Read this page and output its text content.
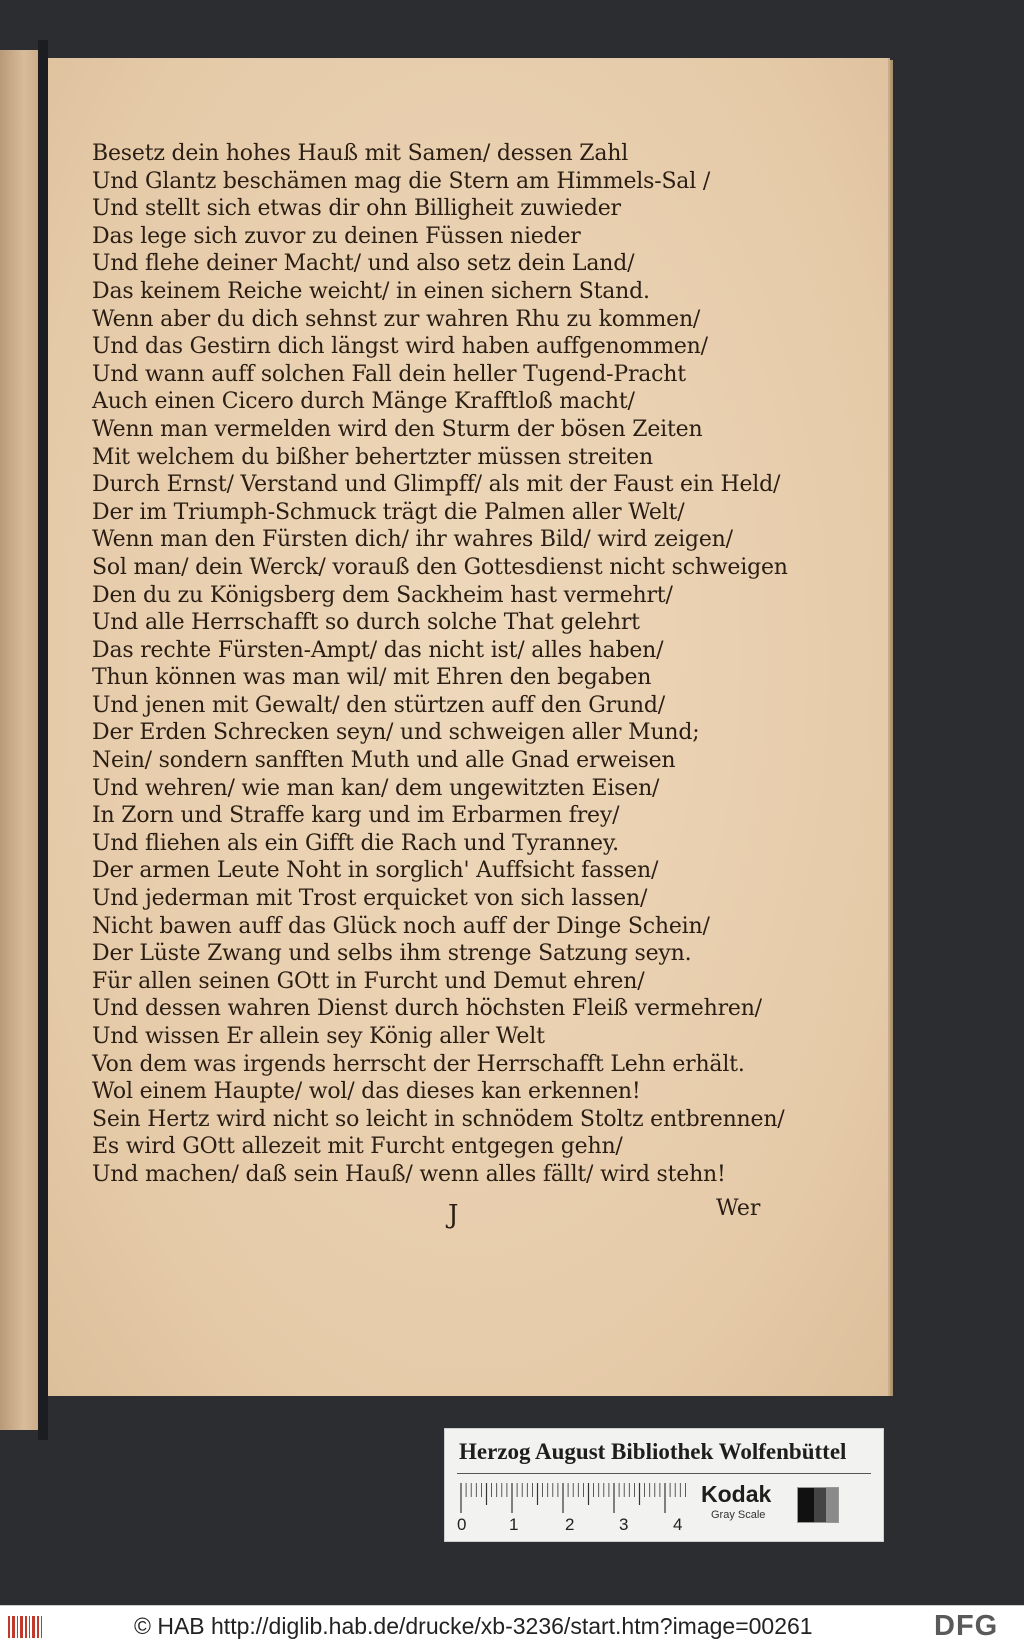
Besetz dein hohes Hauß mit Samen/ dessen Zahl
Und Glantz beschämen mag die Stern am Himmels-Sal /
Und stellt sich etwas dir ohn Billigheit zuwieder
Das lege sich zuvor zu deinen Füssen nieder
Und flehe deiner Macht/ und also setz dein Land/
Das keinem Reiche weicht/ in einen sichern Stand.
Wenn aber du dich sehnst zur wahren Rhu zu kommen/
Und das Gestirn dich längst wird haben auffgenommen/
Und wann auff solchen Fall dein heller Tugend-Pracht
Auch einen Cicero durch Mänge Krafftloß macht/
Wenn man vermelden wird den Sturm der bösen Zeiten
Mit welchem du bißher behertzter müssen streiten
Durch Ernst/ Verstand und Glimpff/ als mit der Faust ein Held/
Der im Triumph-Schmuck trägt die Palmen aller Welt/
Wenn man den Fürsten dich/ ihr wahres Bild/ wird zeigen/
Sol man/ dein Werck/ vorauß den Gottesdienst nicht schweigen
Den du zu Königsberg dem Sackheim hast vermehrt/
Und alle Herrschafft so durch solche That gelehrt
Das rechte Fürsten-Ampt/ das nicht ist/ alles haben/
Thun können was man wil/ mit Ehren den begaben
Und jenen mit Gewalt/ den stürtzen auff den Grund/
Der Erden Schrecken seyn/ und schweigen aller Mund;
Nein/ sondern sanfften Muth und alle Gnad erweisen
Und wehren/ wie man kan/ dem ungewitzten Eisen/
In Zorn und Straffe karg und im Erbarmen frey/
Und fliehen als ein Gifft die Rach und Tyranney.
Der armen Leute Noht in sorglich' Auffsicht fassen/
Und jederman mit Trost erquicket von sich lassen/
Nicht bawen auff das Glück noch auff der Dinge Schein/
Der Lüste Zwang und selbs ihm strenge Satzung seyn.
Für allen seinen GOtt in Furcht und Demut ehren/
Und dessen wahren Dienst durch höchsten Fleiß vermehren/
Und wissen Er allein sey König aller Welt
Von dem was irgends herrscht der Herrschafft Lehn erhält.
Wol einem Haupte/ wol/ das dieses kan erkennen!
Sein Hertz wird nicht so leicht in schnödem Stoltz entbrennen/
Es wird GOtt allezeit mit Furcht entgegen gehn/
Und machen/ daß sein Hauß/ wenn alles fällt/ wird stehn!
J	Wer
Herzog August Bibliothek Wolfenbüttel
0	1	2	3	4
Kodak
Gray Scale
© HAB http://diglib.hab.de/drucke/xb-3236/start.htm?image=00261	DFG
